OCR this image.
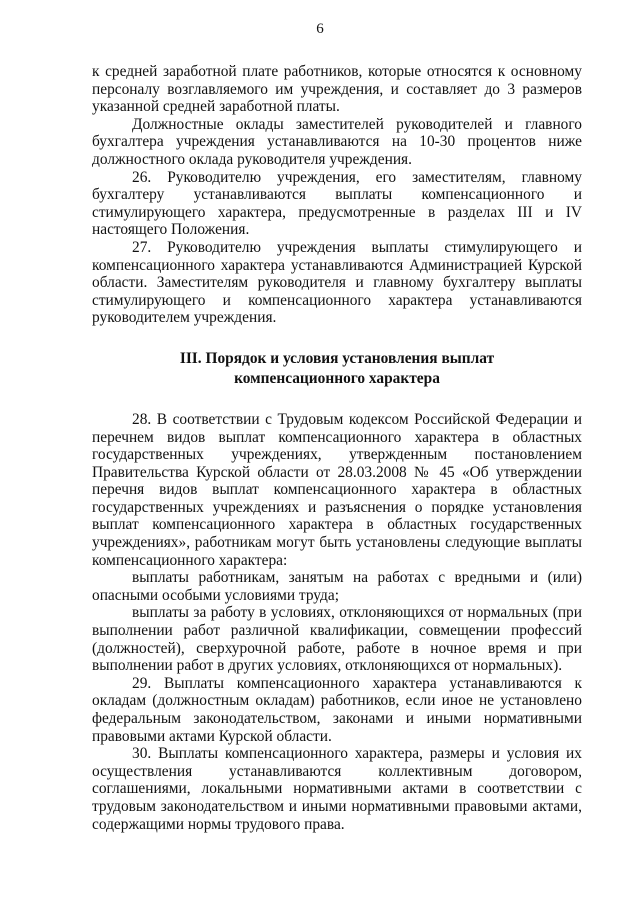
6

к средней заработной плате работников, которые относятся к основному персоналу возглавляемого им учреждения, и составляет до 3 размеров указанной средней заработной платы.

Должностные оклады заместителей руководителей и главного бухгалтера учреждения устанавливаются на 10-30 процентов ниже должностного оклада руководителя учреждения.

26. Руководителю учреждения, его заместителям, главному бухгалтеру устанавливаются выплаты компенсационного и стимулирующего характера, предусмотренные в разделах III и IV настоящего Положения.

27. Руководителю учреждения выплаты стимулирующего и компенсационного характера устанавливаются Администрацией Курской области. Заместителям руководителя и главному бухгалтеру выплаты стимулирующего и компенсационного характера устанавливаются руководителем учреждения.

III. Порядок и условия установления выплат
компенсационного характера

28. В соответствии с Трудовым кодексом Российской Федерации и перечнем видов выплат компенсационного характера в областных государственных учреждениях, утвержденным постановлением Правительства Курской области от 28.03.2008 № 45 «Об утверждении перечня видов выплат компенсационного характера в областных государственных учреждениях и разъяснения о порядке установления выплат компенсационного характера в областных государственных учреждениях», работникам могут быть установлены следующие выплаты компенсационного характера:

выплаты работникам, занятым на работах с вредными и (или) опасными особыми условиями труда;

выплаты за работу в условиях, отклоняющихся от нормальных (при выполнении работ различной квалификации, совмещении профессий (должностей), сверхурочной работе, работе в ночное время и при выполнении работ в других условиях, отклоняющихся от нормальных).

29. Выплаты компенсационного характера устанавливаются к окладам (должностным окладам) работников, если иное не установлено федеральным законодательством, законами и иными нормативными правовыми актами Курской области.

30. Выплаты компенсационного характера, размеры и условия их осуществления устанавливаются коллективным договором, соглашениями, локальными нормативными актами в соответствии с трудовым законодательством и иными нормативными правовыми актами, содержащими нормы трудового права.
